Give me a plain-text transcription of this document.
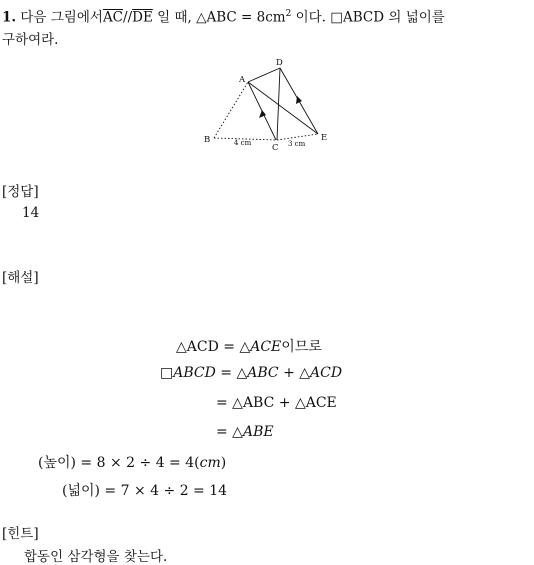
1. 다음 그림에서$\overline{AC}//\overline{DE}$ 일 때, △ABC = $8cm^2$ 이다. □ABCD 의 넓이를
구하여라.
A
D
B
C
E
4 cm	3 cm
[정답]
14
[해설]
△ACD = △ACE이므로
□ABCD = △ABC + △ACD
= △ABC + △ACE
= △ABE
(높이) = 8 × 2 ÷ 4 = 4(cm)
(넓이) = 7 × 4 ÷ 2 = 14
[힌트]
합동인 삼각형을 찾는다.
